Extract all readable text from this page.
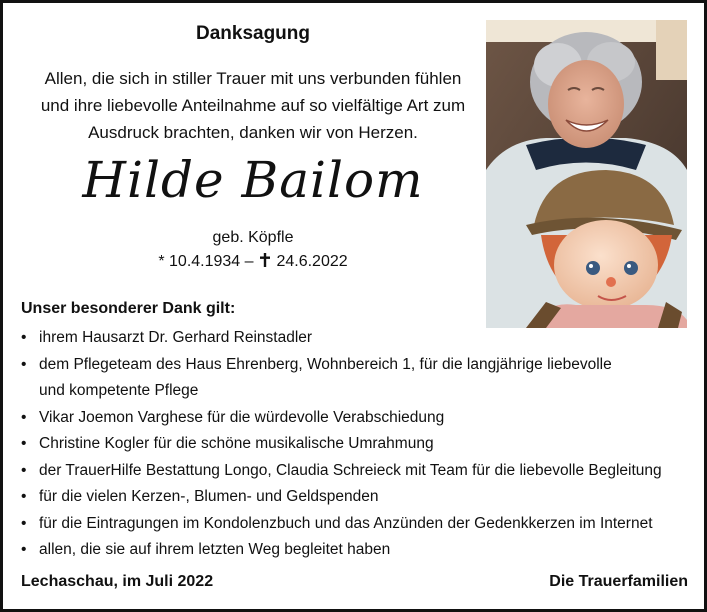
Danksagung
Allen, die sich in stiller Trauer mit uns verbunden fühlen
und ihre liebevolle Anteilnahme auf so vielfältige Art zum
Ausdruck brachten, danken wir von Herzen.
Hilde Bailom
geb. Köpfle
* 10.4.1934 – 24.6.2022
Unser besonderer Dank gilt:
• ihrem Hausarzt Dr. Gerhard Reinstadler
• dem Pflegeteam des Haus Ehrenberg, Wohnbereich 1, für die langjährige liebevolle
und kompetente Pflege
• Vikar Joemon Varghese für die würdevolle Verabschiedung
• Christine Kogler für die schöne musikalische Umrahmung
• der TrauerHilfe Bestattung Longo, Claudia Schreieck mit Team für die liebevolle Begleitung
• für die vielen Kerzen-, Blumen- und Geldspenden
• für die Eintragungen im Kondolenzbuch und das Anzünden der Gedenkkerzen im Internet
• allen, die sie auf ihrem letzten Weg begleitet haben
Lechaschau, im Juli 2022	Die Trauerfamilien
